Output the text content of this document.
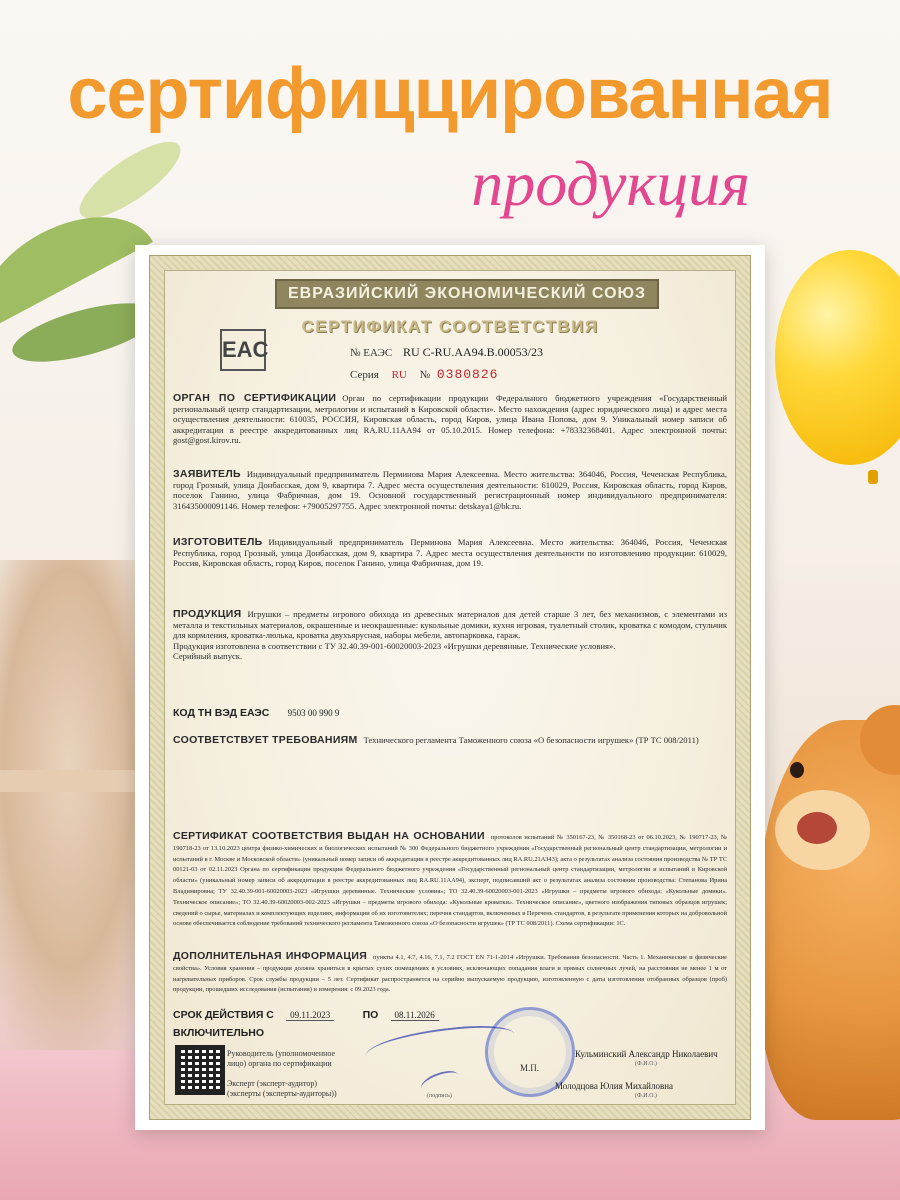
сертифиццированная
продукция
ЕВРАЗИЙСКИЙ ЭКОНОМИЧЕСКИЙ СОЮЗ
СЕРТИФИКАТ СООТВЕТСТВИЯ
EAC	№ ЕАЭС RU C-RU.AA94.B.00053/23
Серия RU № 0380826
ОРГАН ПО СЕРТИФИКАЦИИ Орган по сертификации продукции Федерального бюджетного учреждения «Государственный региональный центр стандартизации, метрологии и испытаний в Кировской области». Место нахождения (адрес юридического лица) и адрес места осуществления деятельности: 610035, РОССИЯ, Кировская область, город Киров, улица Ивана Попова, дом 9. Уникальный номер записи об аккредитации в реестре аккредитованных лиц RA.RU.11АА94 от 05.10.2015. Номер телефона: +78332368401. Адрес электронной почты: gost@gost.kirov.ru.
ЗАЯВИТЕЛЬ Индивидуальный предприниматель Перминова Мария Алексеевна. Место жительства: 364046, Россия, Чеченская Республика, город Грозный, улица Донбасская, дом 9, квартира 7. Адрес места осуществления деятельности: 610029, Россия, Кировская область, город Киров, поселок Ганино, улица Фабричная, дом 19. Основной государственный регистрационный номер индивидуального предпринимателя: 316435000091146. Номер телефон: +79005297755. Адрес электронной почты: detskaya1@bk.ru.
ИЗГОТОВИТЕЛЬ Индивидуальный предприниматель Перминова Мария Алексеевна. Место жительства: 364046, Россия, Чеченская Республика, город Грозный, улица Донбасская, дом 9, квартира 7. Адрес места осуществления деятельности по изготовлению продукции: 610029, Россия, Кировская область, город Киров, поселок Ганино, улица Фабричная, дом 19.
ПРОДУКЦИЯ Игрушки – предметы игрового обихода из древесных материалов для детей старше 3 лет, без механизмов, с элементами из металла и текстильных материалов, окрашенные и неокрашенные: кукольные домики, кухня игровая, туалетный столик, кроватка с комодом, стульчик для кормления, кроватка-люлька, кроватка двухъярусная, наборы мебели, автопарковка, гараж.
Продукция изготовлена в соответствии с ТУ 32.40.39-001-60020003-2023 «Игрушки деревянные. Технические условия».
Серийный выпуск.
КОД ТН ВЭД ЕАЭС 9503 00 990 9
СООТВЕТСТВУЕТ ТРЕБОВАНИЯМ Технического регламента Таможенного союза «О безопасности игрушек» (ТР ТС 008/2011)
СЕРТИФИКАТ СООТВЕТСТВИЯ ВЫДАН НА ОСНОВАНИИ протоколов испытаний № 350167-23, № 350168-23 от 06.10.2023, № 190717-23, № 190718-23 от 13.10.2023 центра физико-химических и биологических испытаний № 300 Федерального бюджетного учреждения «Государственный региональный центр стандартизации, метрологии и испытаний в г. Москве и Московской области» (уникальный номер записи об аккредитации в реестре аккредитованных лиц RA.RU.21АЗ43); акта о результатах анализа состояния производства № ТР ТС 00121-03 от 02.11.2023 Органа по сертификации продукции Федерального бюджетного учреждения «Государственный региональный центр стандартизации, метрологии и испытаний в Кировской области» (уникальный номер записи об аккредитации в реестре аккредитованных лиц RA.RU.11АА94), эксперт, подписавший акт о результатах анализа состояния производства: Степанова Ирина Владимировна; ТУ 32.40.39-001-60020003-2023 «Игрушки деревянные. Технические условия»; ТО 32.40.39-60020003-001-2023 «Игрушки – предметы игрового обихода: «Кукольные домики». Техническое описание»; ТО 32.40.39-60020003-002-2023 «Игрушки – предметы игрового обихода: «Кукольные кроватки». Техническое описание», цветного изображения типовых образцов игрушек; сведений о сырье, материалах и комплектующих изделиях, информации об их изготовителях; перечня стандартов, включенных в Перечень стандартов, в результате применения которых на добровольной основе обеспечивается соблюдение требований технического регламента Таможенного союза «О безопасности игрушек» (ТР ТС 008/2011). Схема сертификации: 1С.
ДОПОЛНИТЕЛЬНАЯ ИНФОРМАЦИЯ пункты 4.1, 4.7, 4.16, 7.1, 7.2 ГОСТ EN 71-1-2014 «Игрушки. Требования безопасности. Часть 1. Механические и физические свойства». Условия хранения – продукция должна храниться в крытых сухих помещениях в условиях, исключающих попадания влаги и прямых солнечных лучей, на расстоянии не менее 1 м от нагревательных приборов. Срок службы продукции – 5 лет. Сертификат распространяется на серийно выпускаемую продукцию, изготовленную с даты изготовления отобранных образцов (проб) продукции, прошедших исследования (испытания) и измерения: с 09.2023 года.
СРОК ДЕЙСТВИЯ С 09.11.2023	ПО 08.11.2026
ВКЛЮЧИТЕЛЬНО
Руководитель (уполномоченное
лицо) органа по сертификации
Эксперт (эксперт-аудитор)
(эксперты (эксперты-аудиторы))
М.П.
Кульминский Александр Николаевич
(Ф.И.О.)
Молодцова Юлия Михайловна
(Ф.И.О.)
(подпись)
